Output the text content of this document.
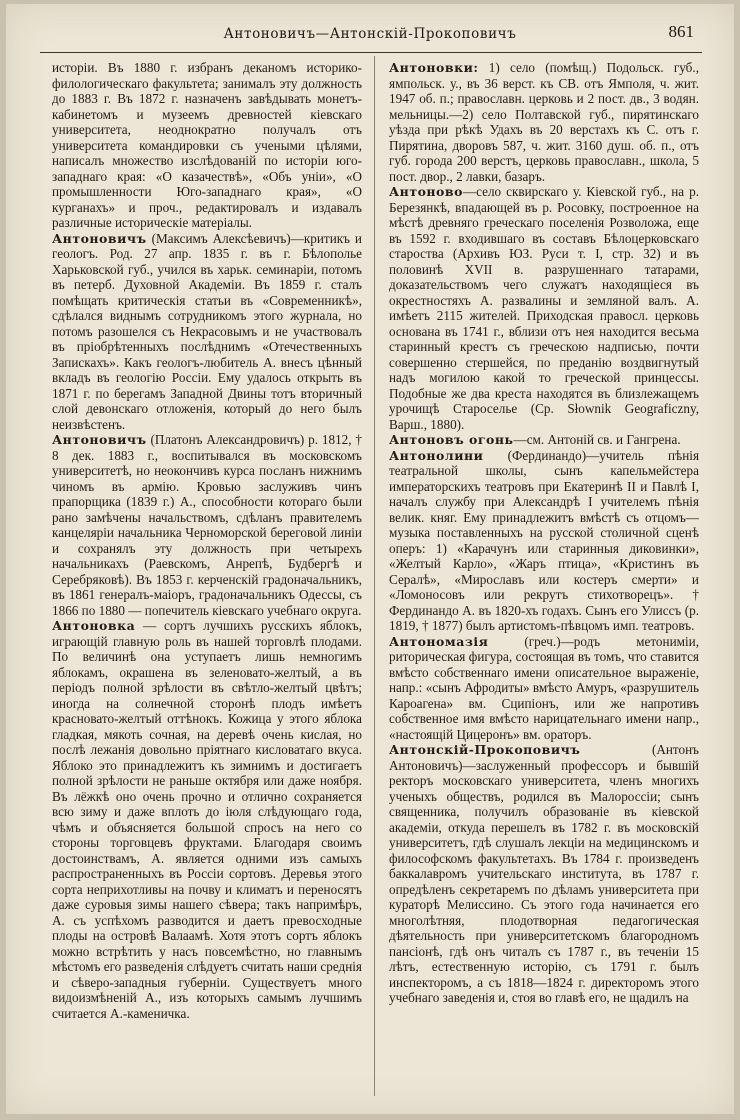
Антоновичъ—Антонскій-Прокоповичъ	861

исторіи. Въ 1880 г. избранъ деканомъ историко-филологическаго факультета; занималъ эту должность до 1883 г. Въ 1872 г. назначенъ завѣдывать монетъ-кабинетомъ и музеемъ древностей кіевскаго университета, неоднократно получалъ отъ университета командировки съ учеными цѣлями, написалъ множество изслѣдованій по исторіи юго-западнаго края: «О казачествѣ», «Объ уніи», «О промышленности Юго-западнаго края», «О курганахъ» и проч., редактировалъ и издавалъ различные историческіе матеріалы.

Антоновичъ (Максимъ Алексѣевичъ)—критикъ и геологъ. Род. 27 апр. 1835 г. въ г. Бѣлополье Харьковской губ., учился въ харьк. семинаріи, потомъ въ петерб. Духовной Академіи. Въ 1859 г. сталъ помѣщать критическія статьи въ «Современникѣ», сдѣлался виднымъ сотрудникомъ этого журнала, но потомъ разошелся съ Некрасовымъ и не участвовалъ въ пріобрѣтенныхъ послѣднимъ «Отечественныхъ Запискахъ». Какъ геологъ-любитель А. внесъ цѣнный вкладъ въ геологію Россіи. Ему удалось открыть въ 1871 г. по берегамъ Западной Двины тотъ вторичный слой девонскаго отложенія, который до него былъ неизвѣстенъ.

Антоновичъ (Платонъ Александровичъ) р. 1812, † 8 дек. 1883 г., воспитывался въ московскомъ университетѣ, но неокончивъ курса посланъ нижнимъ чиномъ въ армію. Кровью заслуживъ чинъ прапорщика (1839 г.) А., способности котораго были рано замѣчены начальствомъ, сдѣланъ правителемъ канцеляріи начальника Черноморской береговой линіи и сохранялъ эту должность при четырехъ начальникахъ (Раевскомъ, Анрепѣ, Будбергѣ и Серебряковѣ). Въ 1853 г. керченскій градоначальникъ, въ 1861 генералъ-маіоръ, градоначальникъ Одессы, съ 1866 по 1880 — попечитель кіевскаго учебнаго округа.

Антоновка — сортъ лучшихъ русскихъ яблокъ, играющій главную роль въ нашей торговлѣ плодами. По величинѣ она уступаетъ лишь немногимъ яблокамъ, окрашена въ зеленовато-желтый, а въ періодъ полной зрѣлости въ свѣтло-желтый цвѣтъ; иногда на солнечной сторонѣ плодъ имѣетъ красновато-желтый оттѣнокъ. Кожица у этого яблока гладкая, мякоть сочная, на деревѣ очень кислая, но послѣ лежанія довольно пріятнаго кисловатаго вкуса. Яблоко это принадлежитъ къ зимнимъ и достигаетъ полной зрѣлости не раньше октября или даже ноября. Въ лёжкѣ оно очень прочно и отлично сохраняется всю зиму и даже вплоть до іюля слѣдующаго года, чѣмъ и объясняется большой спросъ на него со стороны торговцевъ фруктами. Благодаря своимъ достоинствамъ, А. является одними изъ самыхъ распространенныхъ въ Россіи сортовъ. Деревья этого сорта неприхотливы на почву и климатъ и переносятъ даже суровыя зимы нашего сѣвера; такъ напримѣръ, А. съ успѣхомъ разводится и даетъ превосходные плоды на островѣ Валаамѣ. Хотя этотъ сортъ яблокъ можно встрѣтить у насъ повсемѣстно, но главнымъ мѣстомъ его разведенія слѣдуетъ считать наши среднія и сѣверо-западныя губерніи. Существуетъ много видоизмѣненій А., изъ которыхъ самымъ лучшимъ считается А.-каменичка.

Антоновки: 1) село (помѣщ.) Подольск. губ., ямпольск. у., въ 36 верст. къ СВ. отъ Ямполя, ч. жит. 1947 об. п.; православн. церковь и 2 пост. дв., 3 водян. мельницы.—2) село Полтавской губ., пирятинскаго уѣзда при рѣкѣ Удахъ въ 20 верстахъ къ С. отъ г. Пирятина, дворовъ 587, ч. жит. 3160 душ. об. п., отъ губ. города 200 верстъ, церковь православн., школа, 5 пост. двор., 2 лавки, базаръ.

Антоново—село сквирскаго у. Кіевской губ., на р. Березянкѣ, впадающей въ р. Росовку, построенное на мѣстѣ древняго греческаго поселенія Розволожа, еще въ 1592 г. входившаго въ составъ Бѣлоцерковскаго староства (Архивъ ЮЗ. Руси т. I, стр. 32) и въ половинѣ XVII в. разрушеннаго татарами, доказательствомъ чего служатъ находящіеся въ окрестностяхъ А. развалины и земляной валъ. А. имѣетъ 2115 жителей. Приходская правосл. церковь основана въ 1741 г., вблизи отъ нея находится весьма старинный крестъ съ греческою надписью, почти совершенно стершейся, по преданію воздвигнутый надъ могилою какой то греческой принцессы. Подобные же два креста находятся въ близлежащемъ урочищѣ Староселье (Ср. Słownik Geograficzny, Варш., 1880).

Антоновъ огонь—см. Антоній св. и Гангрена.

Антонолини (Фердинандо)—учитель пѣнія театральной школы, сынъ капельмейстера императорскихъ театровъ при Екатеринѣ II и Павлѣ I, началъ службу при Александрѣ I учителемъ пѣнія велик. княг. Ему принадлежитъ вмѣстѣ съ отцомъ—музыка поставленныхъ на русской столичной сценѣ оперъ: 1) «Карачунъ или старинныя диковинки», «Желтый Карло», «Жаръ птица», «Кристинъ въ Сералѣ», «Мирославъ или костеръ смерти» и «Ломоносовъ или рекрутъ стихотворецъ». † Фердинандо А. въ 1820-хъ годахъ. Сынъ его Улиссъ (р. 1819, † 1877) былъ артистомъ-пѣвцомъ имп. театровъ.

Антономазія	(греч.)—родъ метониміи, риторическая фигура, состоящая въ томъ, что ставится вмѣсто собственнаго имени описательное выраженіе, напр.: «сынъ Афродиты» вмѣсто Амуръ, «разрушитель Кароагена» вм. Сципіонъ, или же напротивъ собственное имя вмѣсто нарицательнаго имени напр., «настоящій Цицеронъ» вм. ораторъ.

Антонскій-Прокоповичъ	(Антонъ Антоновичъ)—заслуженный профессоръ и бывшій ректоръ московскаго университета, членъ многихъ ученыхъ обществъ, родился въ Малороссіи; сынъ священника, получилъ образованіе въ кіевской академіи, откуда перешелъ въ 1782 г. въ московскій университетъ, гдѣ слушалъ лекціи на медицинскомъ и философскомъ факультетахъ. Въ 1784 г. произведенъ баккалавромъ учительскаго института, въ 1787 г. опредѣленъ секретаремъ по дѣламъ университета при кураторѣ Мелиссино. Съ этого года начинается его многолѣтняя, плодотворная педагогическая дѣятельность при университетскомъ благородномъ пансіонѣ, гдѣ онъ читалъ съ 1787 г., въ теченіи 15 лѣтъ, естественную исторію, съ 1791 г. былъ инспекторомъ, а съ 1818—1824 г. директоромъ этого учебнаго заведенія и, стоя во главѣ его, не щадилъ на
